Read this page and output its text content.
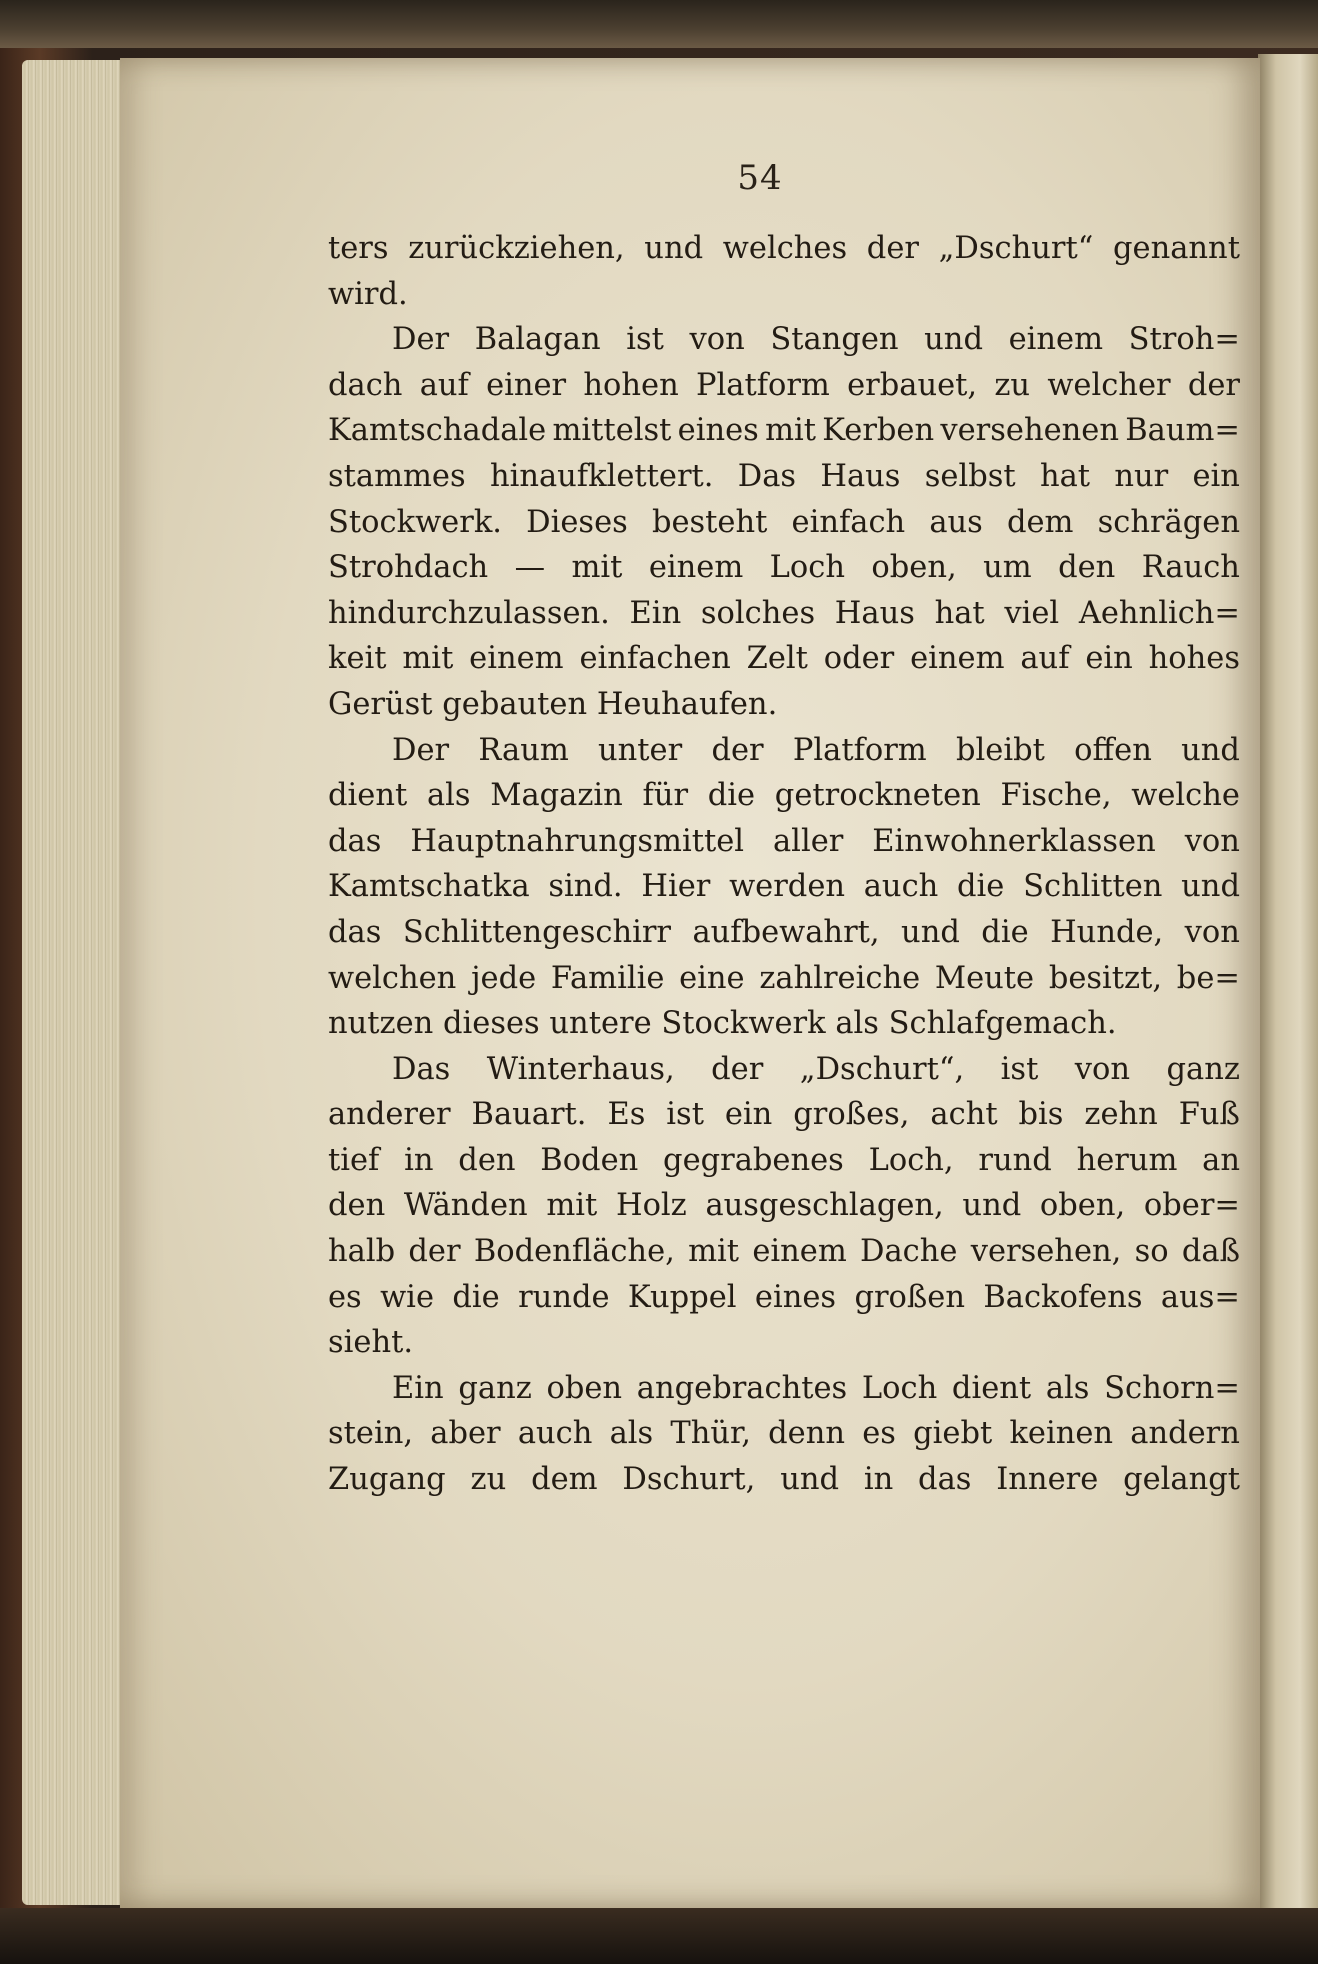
54
ters zurückziehen, und welches der „Dschurt“ genannt
wird.
Der Balagan ist von Stangen und einem Stroh=
dach auf einer hohen Platform erbauet, zu welcher der
Kamtschadale mittelst eines mit Kerben versehenen Baum=
stammes hinaufklettert. Das Haus selbst hat nur ein
Stockwerk. Dieses besteht einfach aus dem schrägen
Strohdach — mit einem Loch oben, um den Rauch
hindurchzulassen. Ein solches Haus hat viel Aehnlich=
keit mit einem einfachen Zelt oder einem auf ein hohes
Gerüst gebauten Heuhaufen.
Der Raum unter der Platform bleibt offen und
dient als Magazin für die getrockneten Fische, welche
das Hauptnahrungsmittel aller Einwohnerklassen von
Kamtschatka sind. Hier werden auch die Schlitten und
das Schlittengeschirr aufbewahrt, und die Hunde, von
welchen jede Familie eine zahlreiche Meute besitzt, be=
nutzen dieses untere Stockwerk als Schlafgemach.
Das Winterhaus, der „Dschurt“, ist von ganz
anderer Bauart. Es ist ein großes, acht bis zehn Fuß
tief in den Boden gegrabenes Loch, rund herum an
den Wänden mit Holz ausgeschlagen, und oben, ober=
halb der Bodenfläche, mit einem Dache versehen, so daß
es wie die runde Kuppel eines großen Backofens aus=
sieht.
Ein ganz oben angebrachtes Loch dient als Schorn=
stein, aber auch als Thür, denn es giebt keinen andern
Zugang zu dem Dschurt, und in das Innere gelangt
